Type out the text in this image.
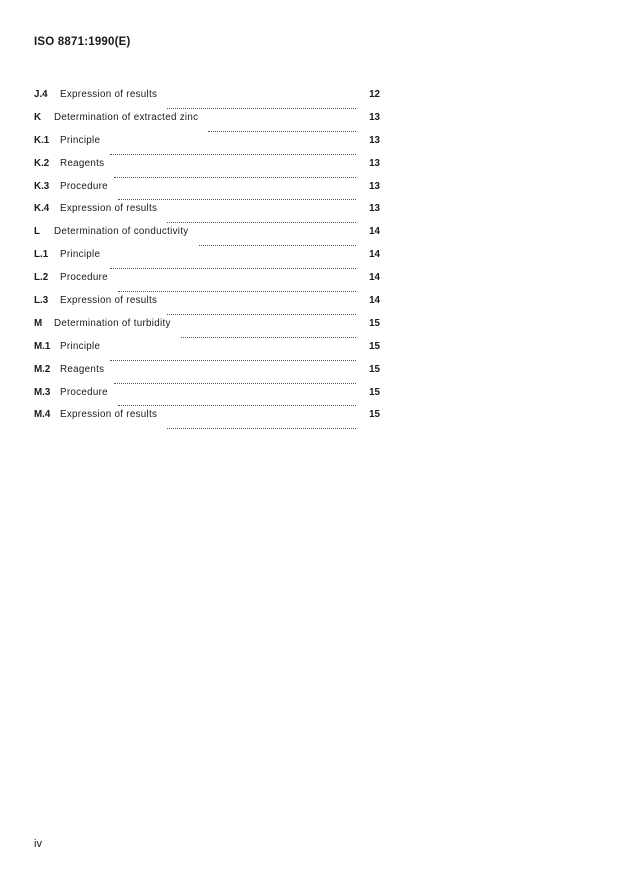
ISO 8871:1990(E)
J.4	Expression of results	12
K	Determination of extracted zinc	13
K.1	Principle	13
K.2	Reagents	13
K.3	Procedure	13
K.4	Expression of results	13
L	Determination of conductivity	14
L.1	Principle	14
L.2	Procedure	14
L.3	Expression of results	14
M	Determination of turbidity	15
M.1 Principle	15
M.2 Reagents	15
M.3 Procedure	15
M.4 Expression of results	15
iv
